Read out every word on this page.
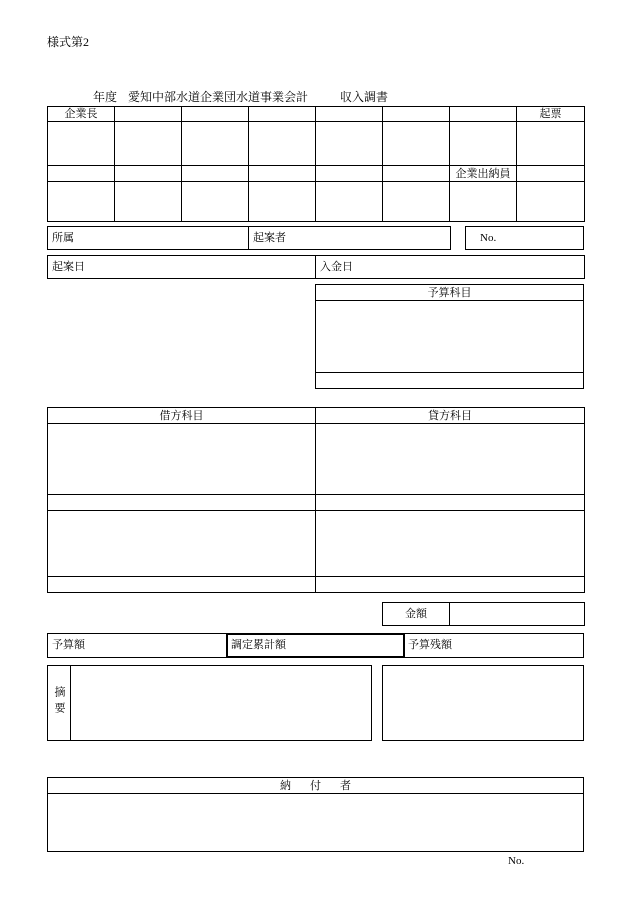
様式第2
年度 愛知中部水道企業団水道事業会計	収入調書
企業長							起票

						企業出納員	

所属	起案者	No.
起案日	入金日
予算科目

借方科目	貸方科目

金額	
予算額	調定累計額	予算残額
摘要	
納　付　者

No.
